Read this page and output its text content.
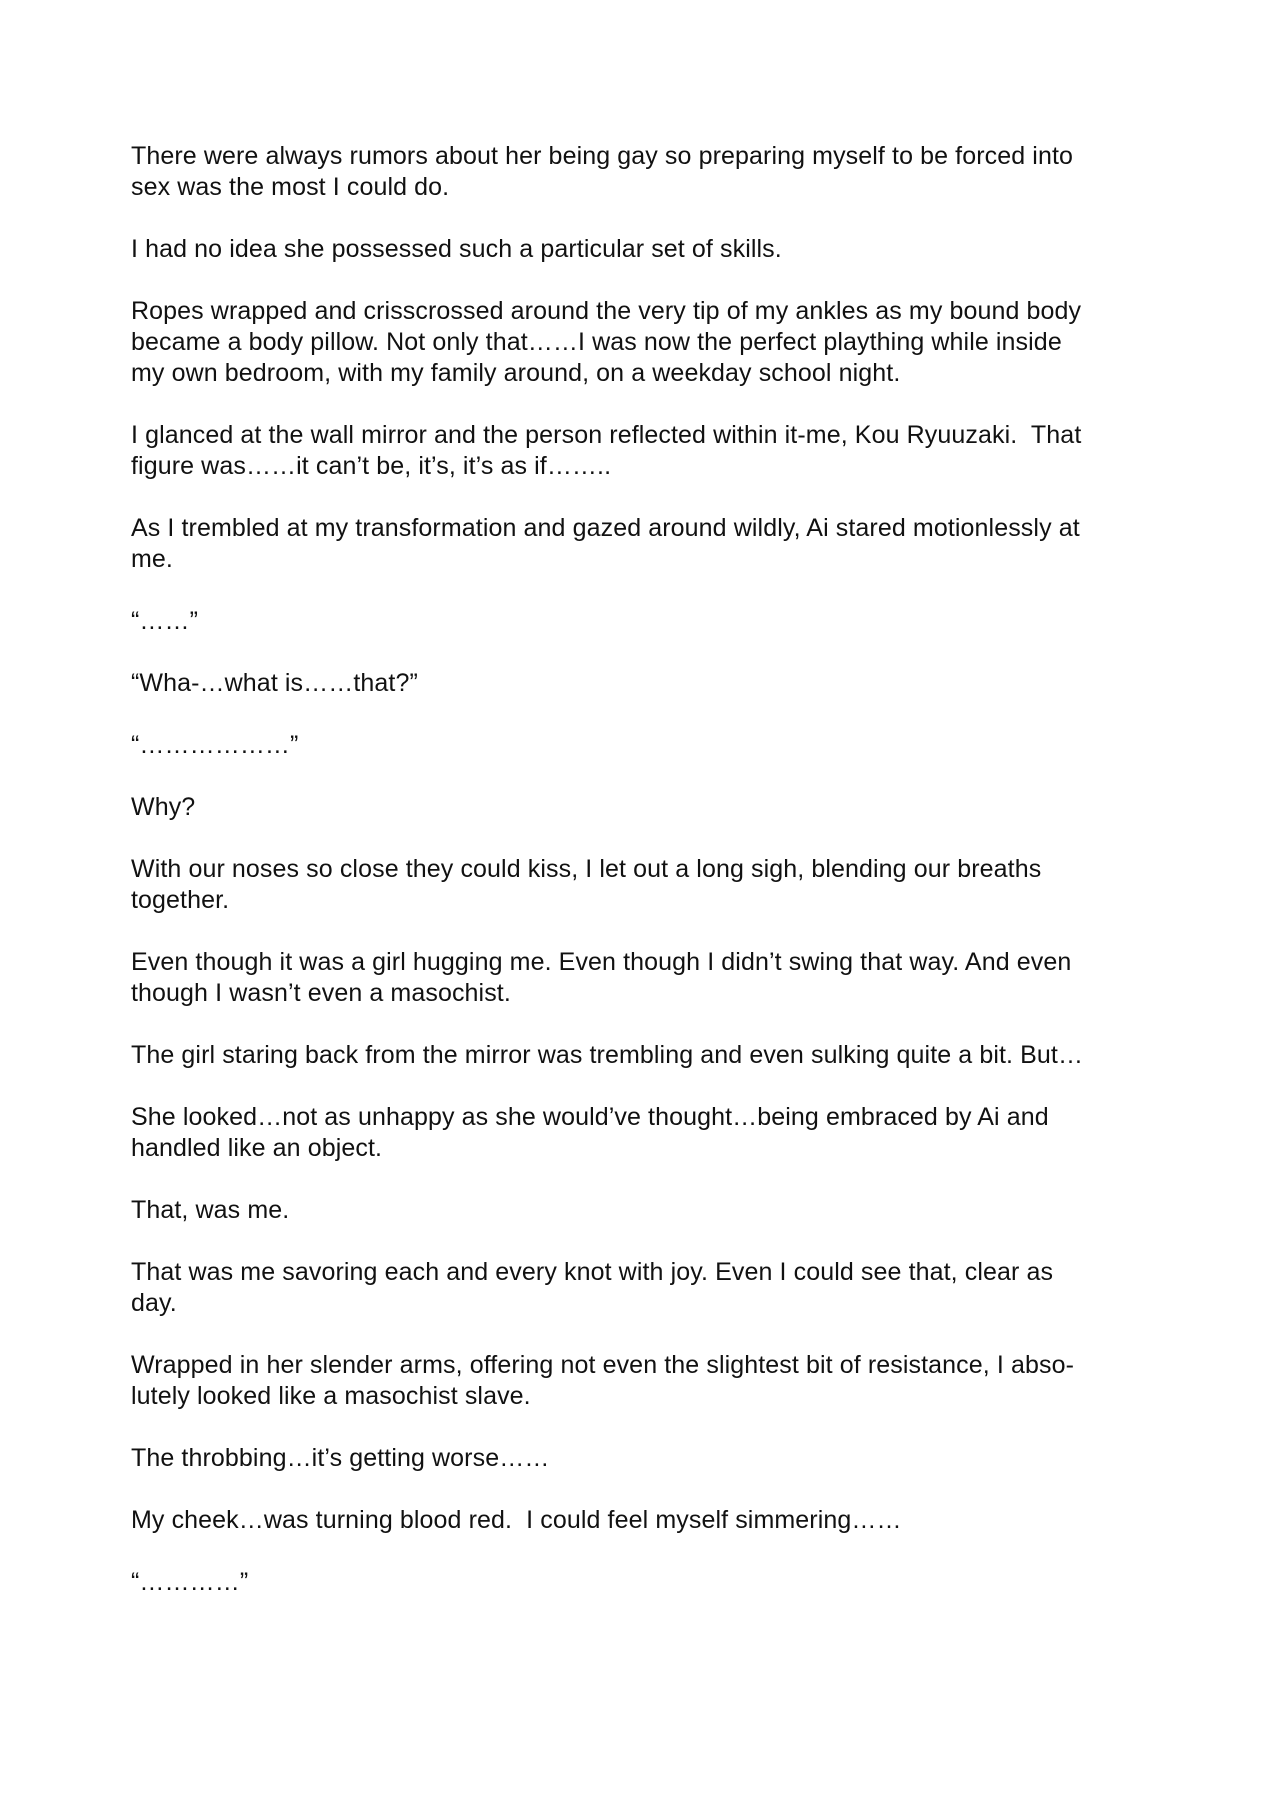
There were always rumors about her being gay so preparing myself to be forced into
sex was the most I could do.

I had no idea she possessed such a particular set of skills.

Ropes wrapped and crisscrossed around the very tip of my ankles as my bound body
became a body pillow. Not only that……I was now the perfect plaything while inside
my own bedroom, with my family around, on a weekday school night.

I glanced at the wall mirror and the person reflected within it-me, Kou Ryuuzaki.  That
figure was……it can’t be, it’s, it’s as if……..

As I trembled at my transformation and gazed around wildly, Ai stared motionlessly at
me.

“……”

“Wha-…what is……that?”

“………………”

Why?

With our noses so close they could kiss, I let out a long sigh, blending our breaths
together.

Even though it was a girl hugging me. Even though I didn’t swing that way. And even
though I wasn’t even a masochist.

The girl staring back from the mirror was trembling and even sulking quite a bit. But…

She looked…not as unhappy as she would’ve thought…being embraced by Ai and
handled like an object.

That, was me.

That was me savoring each and every knot with joy. Even I could see that, clear as
day.

Wrapped in her slender arms, offering not even the slightest bit of resistance, I abso-
lutely looked like a masochist slave.

The throbbing…it’s getting worse……

My cheek…was turning blood red.  I could feel myself simmering……

“…………”
